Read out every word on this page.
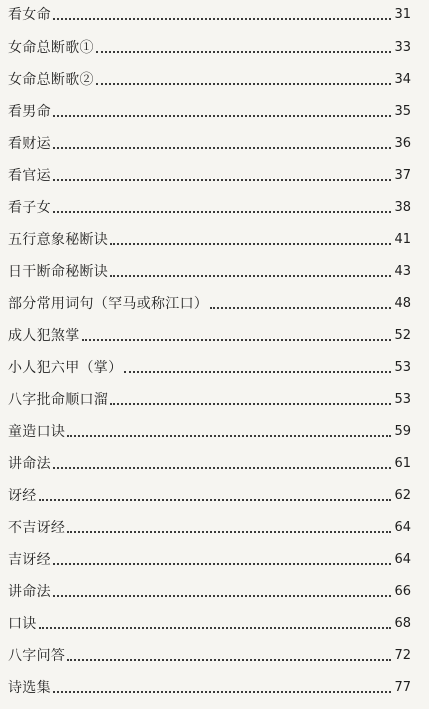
看女命	31
女命总断歌①	33
女命总断歌②	34
看男命	35
看财运	36
看官运	37
看子女	38
五行意象秘断诀	41
日干断命秘断诀	43
部分常用词句（罕马或称江口）	48
成人犯煞掌	52
小人犯六甲（掌）	53
八字批命顺口溜	53
童造口诀	59
讲命法	61
讶经	62
不吉讶经	64
吉讶经	64
讲命法	66
口诀	68
八字问答	72
诗选集	77
